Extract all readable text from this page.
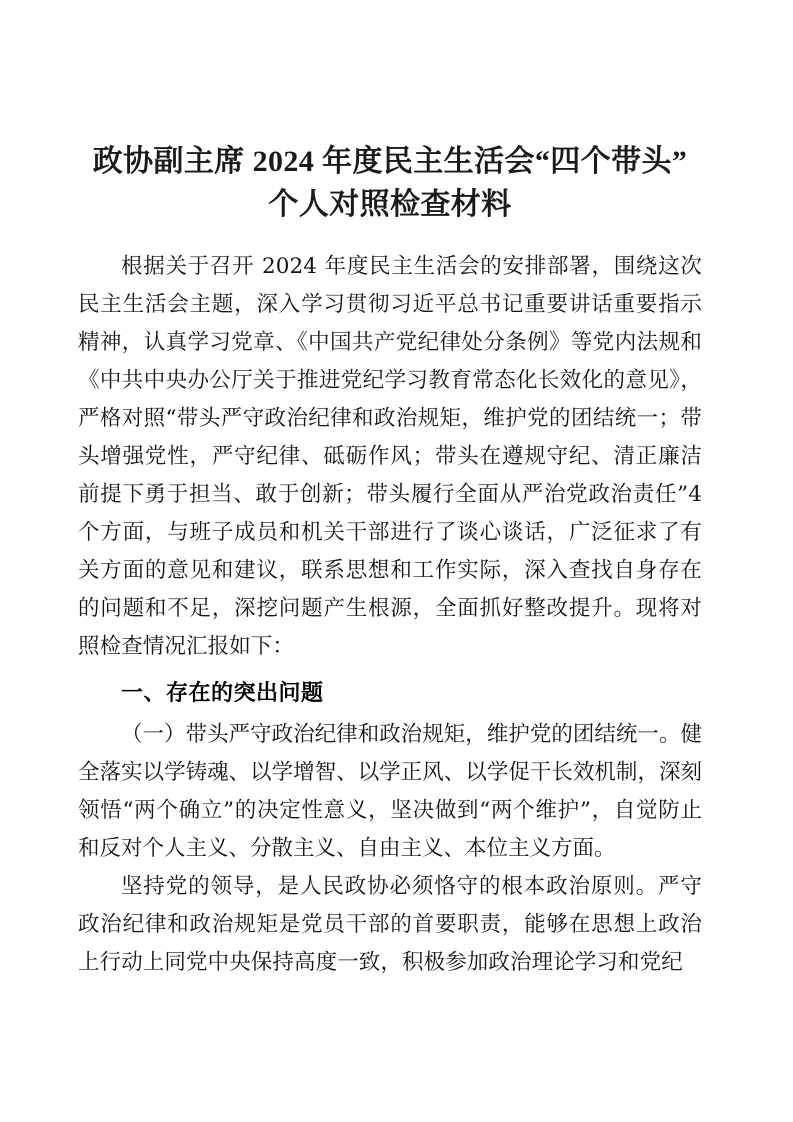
政协副主席 2024 年度民主生活会“四个带头”
个人对照检查材料

根据关于召开 2024 年度民主生活会的安排部署，围绕这次民主生活会主题，深入学习贯彻习近平总书记重要讲话重要指示精神，认真学习党章、《中国共产党纪律处分条例》等党内法规和《中共中央办公厅关于推进党纪学习教育常态化长效化的意见》，严格对照“带头严守政治纪律和政治规矩，维护党的团结统一；带头增强党性，严守纪律、砥砺作风；带头在遵规守纪、清正廉洁前提下勇于担当、敢于创新；带头履行全面从严治党政治责任”4 个方面，与班子成员和机关干部进行了谈心谈话，广泛征求了有关方面的意见和建议，联系思想和工作实际，深入查找自身存在的问题和不足，深挖问题产生根源，全面抓好整改提升。现将对照检查情况汇报如下：

一、存在的突出问题

（一）带头严守政治纪律和政治规矩，维护党的团结统一。健全落实以学铸魂、以学增智、以学正风、以学促干长效机制，深刻领悟“两个确立”的决定性意义，坚决做到“两个维护”，自觉防止和反对个人主义、分散主义、自由主义、本位主义方面。

坚持党的领导，是人民政协必须恪守的根本政治原则。严守政治纪律和政治规矩是党员干部的首要职责，能够在思想上政治上行动上同党中央保持高度一致，积极参加政治理论学习和党纪
